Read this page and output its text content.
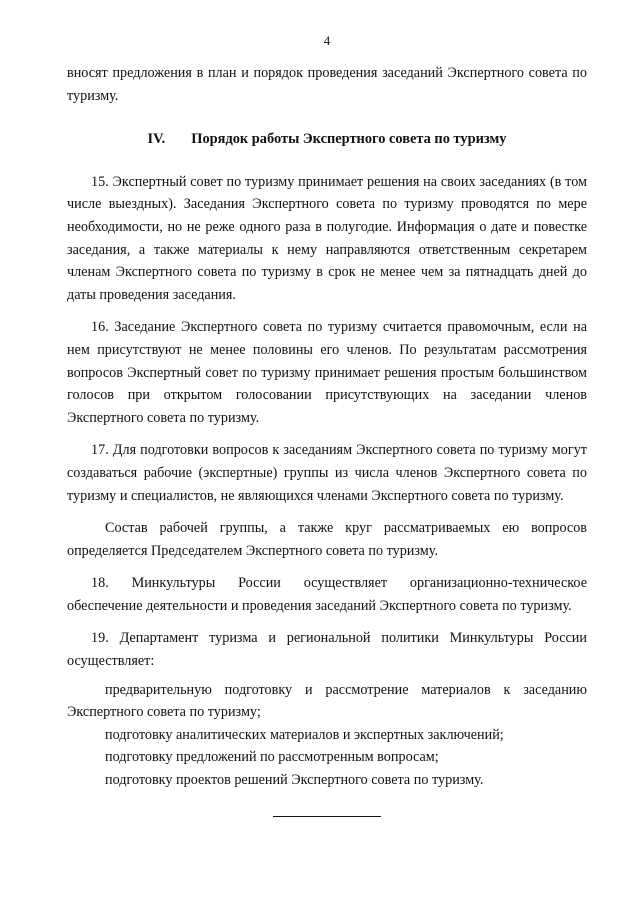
4

вносят предложения в план и порядок проведения заседаний Экспертного совета по туризму.

IV. Порядок работы Экспертного совета по туризму

15. Экспертный совет по туризму принимает решения на своих заседаниях (в том числе выездных). Заседания Экспертного совета по туризму проводятся по мере необходимости, но не реже одного раза в полугодие. Информация о дате и повестке заседания, а также материалы к нему направляются ответственным секретарем членам Экспертного совета по туризму в срок не менее чем за пятнадцать дней до даты проведения заседания.

16. Заседание Экспертного совета по туризму считается правомочным, если на нем присутствуют не менее половины его членов. По результатам рассмотрения вопросов Экспертный совет по туризму принимает решения простым большинством голосов при открытом голосовании присутствующих на заседании членов Экспертного совета по туризму.

17. Для подготовки вопросов к заседаниям Экспертного совета по туризму могут создаваться рабочие (экспертные) группы из числа членов Экспертного совета по туризму и специалистов, не являющихся членами Экспертного совета по туризму.

Состав рабочей группы, а также круг рассматриваемых ею вопросов определяется Председателем Экспертного совета по туризму.

18. Минкультуры России осуществляет организационно-техническое обеспечение деятельности и проведения заседаний Экспертного совета по туризму.

19. Департамент туризма и региональной политики Минкультуры России осуществляет:

предварительную подготовку и рассмотрение материалов к заседанию Экспертного совета по туризму;

подготовку аналитических материалов и экспертных заключений;

подготовку предложений по рассмотренным вопросам;

подготовку проектов решений Экспертного совета по туризму.
